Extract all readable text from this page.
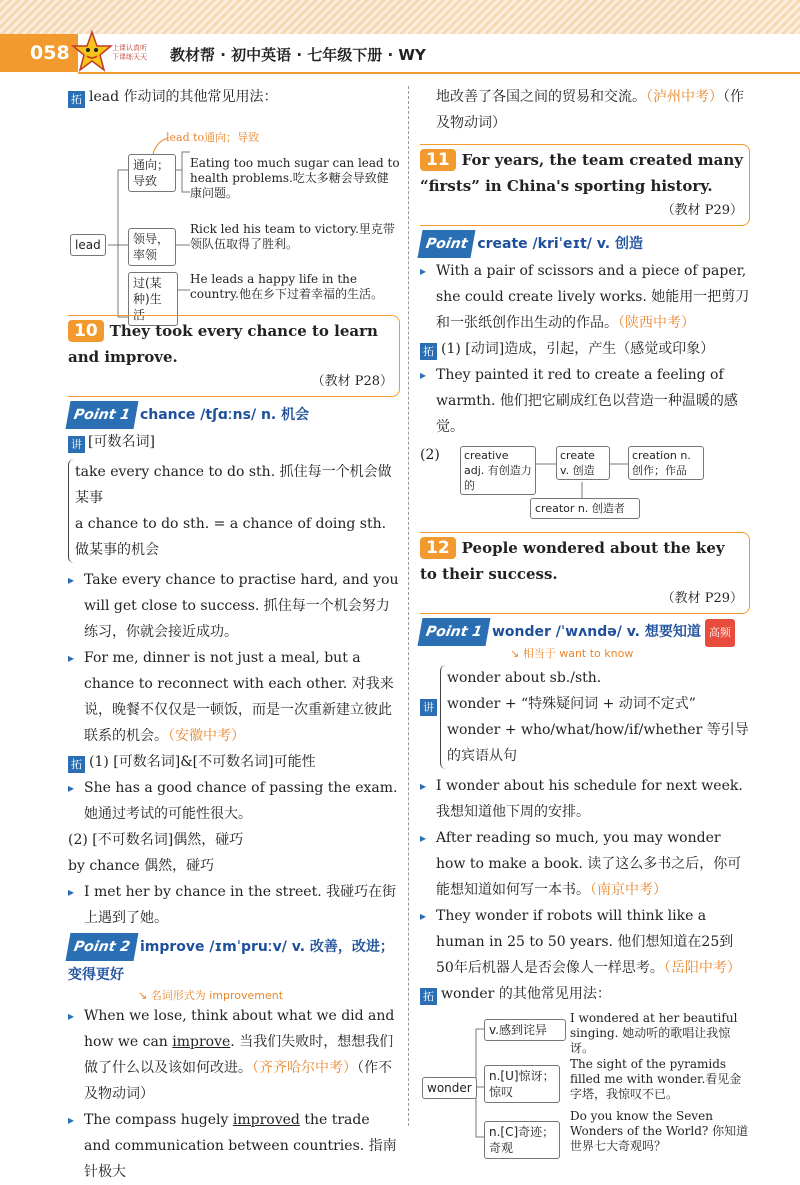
058	上课认真听
下课练天天	教材帮 · 初中英语 · 七年级下册 · WY
拓 lead 作动词的其他常见用法：
lead
lead to通向；导致
通向；导致
Eating too much sugar can lead to health problems.吃太多糖会导致健康问题。
领导，率领
Rick led his team to victory.里克带领队伍取得了胜利。
过(某种)生活
He leads a happy life in the country.他在乡下过着幸福的生活。
10 They took every chance to learn and improve.
（教材 P28）
Point 1 chance /tʃɑːns/ n. 机会
讲 [可数名词]
take every chance to do sth. 抓住每一个机会做某事
a chance to do sth. = a chance of doing sth. 做某事的机会
▸ Take every chance to practise hard, and you will get close to success. 抓住每一个机会努力练习，你就会接近成功。
▸ For me, dinner is not just a meal, but a chance to reconnect with each other. 对我来说，晚餐不仅仅是一顿饭，而是一次重新建立彼此联系的机会。（安徽中考）
拓 (1) [可数名词]&[不可数名词]可能性
▸ She has a good chance of passing the exam. 她通过考试的可能性很大。
(2) [不可数名词]偶然，碰巧
by chance 偶然，碰巧
▸ I met her by chance in the street. 我碰巧在街上遇到了她。
Point 2 improve /ɪmˈpruːv/ v. 改善，改进；变得更好
↘ 名词形式为 improvement
▸ When we lose, think about what we did and how we can improve. 当我们失败时，想想我们做了什么以及该如何改进。（齐齐哈尔中考）（作不及物动词）
▸ The compass hugely improved the trade and communication between countries. 指南针极大
地改善了各国之间的贸易和交流。（泸州中考）（作及物动词）
11 For years, the team created many “firsts” in China's sporting history.
（教材 P29）
Point create /kriˈeɪt/ v. 创造
▸ With a pair of scissors and a piece of paper, she could create lively works. 她能用一把剪刀和一张纸创作出生动的作品。（陕西中考）
拓 (1) [动词]造成，引起，产生（感觉或印象）
▸ They painted it red to create a feeling of warmth. 他们把它刷成红色以营造一种温暖的感觉。
(2)	creative adj. 有创造力的
create v. 创造
creation n. 创作；作品
creator n. 创造者
12 People wondered about the key to their success.
（教材 P29）
Point 1 wonder /ˈwʌndə/ v. 想要知道 高频
↘ 相当于 want to know
讲
wonder about sb./sth.
wonder + “特殊疑问词 + 动词不定式”
wonder + who/what/how/if/whether 等引导的宾语从句
▸ I wonder about his schedule for next week. 我想知道他下周的安排。
▸ After reading so much, you may wonder how to make a book. 读了这么多书之后，你可能想知道如何写一本书。（南京中考）
▸ They wonder if robots will think like a human in 25 to 50 years. 他们想知道在25到50年后机器人是否会像人一样思考。（岳阳中考）
拓 wonder 的其他常见用法：
wonder
v.感到诧异
I wondered at her beautiful singing. 她动听的歌唱让我惊讶。
n.[U]惊讶；惊叹
The sight of the pyramids filled me with wonder.看见金字塔，我惊叹不已。
n.[C]奇迹；奇观
Do you know the Seven Wonders of the World? 你知道世界七大奇观吗？
